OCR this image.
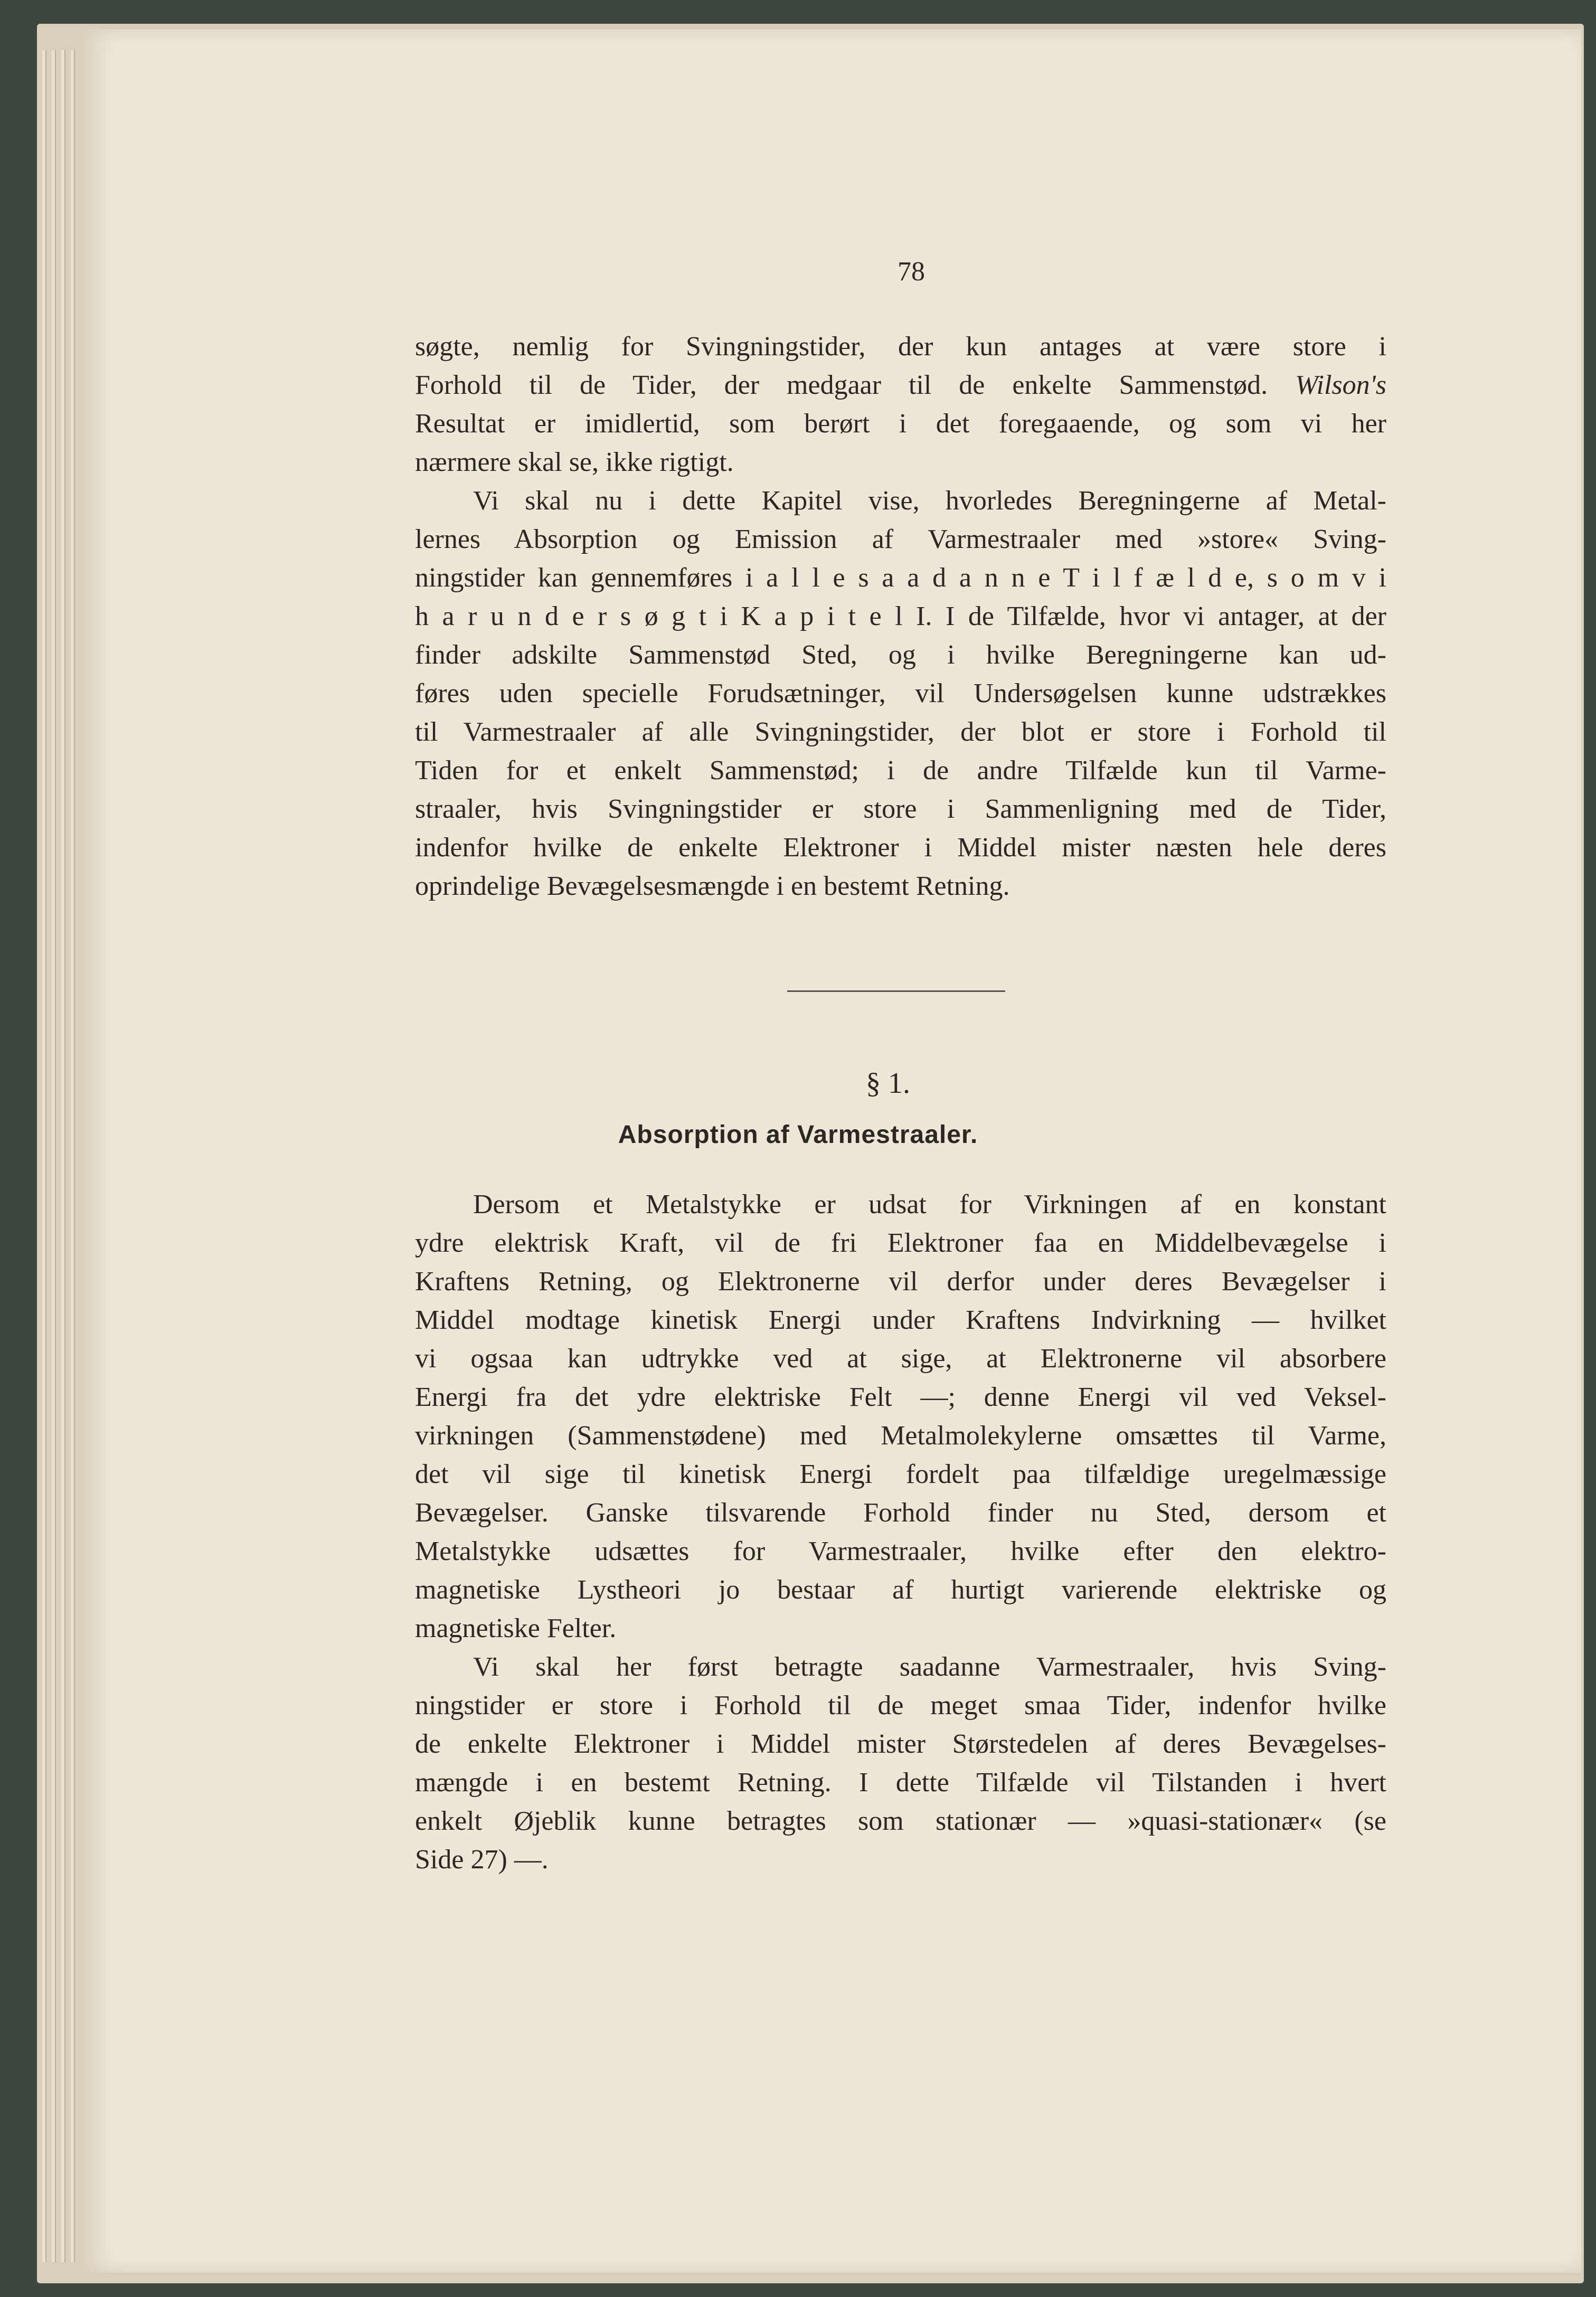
78
søgte, nemlig for Svingningstider, der kun antages at være store i
Forhold til de Tider, der medgaar til de enkelte Sammenstød. Wilson's
Resultat er imidlertid, som berørt i det foregaaende, og som vi her
nærmere skal se, ikke rigtigt.
Vi skal nu i dette Kapitel vise, hvorledes Beregningerne af Metal-
lernes Absorption og Emission af Varmestraaler med »store« Sving-
ningstider kan gennemføres i a l l e s a a d a n n e T i l f æ l d e, s o m v i
h a r u n d e r s ø g t i K a p i t e l I. I de Tilfælde, hvor vi antager, at der
finder adskilte Sammenstød Sted, og i hvilke Beregningerne kan ud-
føres uden specielle Forudsætninger, vil Undersøgelsen kunne udstrækkes
til Varmestraaler af alle Svingningstider, der blot er store i Forhold til
Tiden for et enkelt Sammenstød; i de andre Tilfælde kun til Varme-
straaler, hvis Svingningstider er store i Sammenligning med de Tider,
indenfor hvilke de enkelte Elektroner i Middel mister næsten hele deres
oprindelige Bevægelsesmængde i en bestemt Retning.
§ 1.
Absorption af Varmestraaler.
Dersom et Metalstykke er udsat for Virkningen af en konstant
ydre elektrisk Kraft, vil de fri Elektroner faa en Middelbevægelse i
Kraftens Retning, og Elektronerne vil derfor under deres Bevægelser i
Middel modtage kinetisk Energi under Kraftens Indvirkning — hvilket
vi ogsaa kan udtrykke ved at sige, at Elektronerne vil absorbere
Energi fra det ydre elektriske Felt —; denne Energi vil ved Veksel-
virkningen (Sammenstødene) med Metalmolekylerne omsættes til Varme,
det vil sige til kinetisk Energi fordelt paa tilfældige uregelmæssige
Bevægelser. Ganske tilsvarende Forhold finder nu Sted, dersom et
Metalstykke udsættes for Varmestraaler, hvilke efter den elektro-
magnetiske Lystheori jo bestaar af hurtigt varierende elektriske og
magnetiske Felter.
Vi skal her først betragte saadanne Varmestraaler, hvis Sving-
ningstider er store i Forhold til de meget smaa Tider, indenfor hvilke
de enkelte Elektroner i Middel mister Størstedelen af deres Bevægelses-
mængde i en bestemt Retning. I dette Tilfælde vil Tilstanden i hvert
enkelt Øjeblik kunne betragtes som stationær — »quasi-stationær« (se
Side 27) —.
